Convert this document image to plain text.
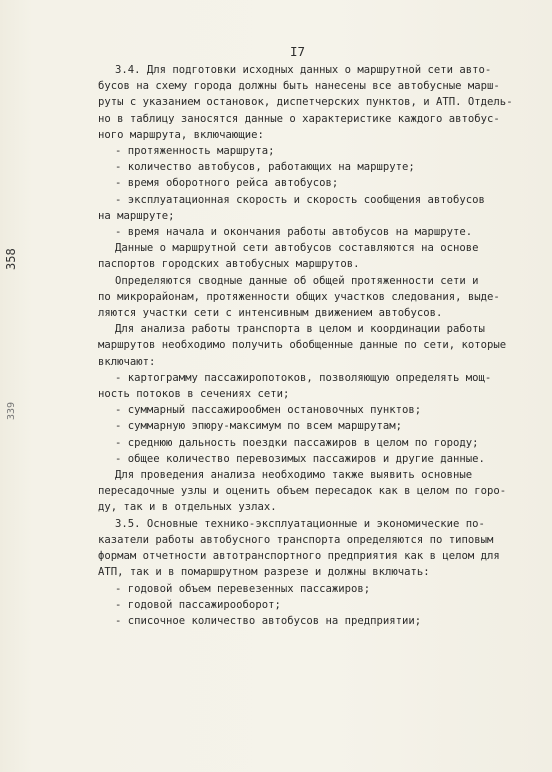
I7
358
339
3.4. Для подготовки исходных данных о маршрутной сети авто-
бусов на схему города должны быть нанесены все автобусные марш-
руты с указанием остановок, диспетчерских пунктов, и АТП. Отдель-
но в таблицу заносятся данные о характеристике каждого автобус-
ного маршрута, включающие:
- протяженность маршрута;
- количество автобусов, работающих на маршруте;
- время оборотного рейса автобусов;
- эксплуатационная скорость и скорость сообщения автобусов
на маршруте;
- время начала и окончания работы автобусов на маршруте.
Данные о маршрутной сети автобусов составляются на основе
паспортов городских автобусных маршрутов.
Определяются сводные данные об общей протяженности сети и
по микрорайонам, протяженности общих участков следования, выде-
ляются участки сети с интенсивным движением автобусов.
Для анализа работы транспорта в целом и координации работы
маршрутов необходимо получить обобщенные данные по сети, которые
включают:
- картограмму пассажиропотоков, позволяющую определять мощ-
ность потоков в сечениях сети;
- суммарный пассажирообмен остановочных пунктов;
- суммарную эпюру-максимум по всем маршрутам;
- среднюю дальность поездки пассажиров в целом по городу;
- общее количество перевозимых пассажиров и другие данные.
Для проведения анализа необходимо также выявить основные
пересадочные узлы и оценить объем пересадок как в целом по горо-
ду, так и в отдельных узлах.
3.5. Основные технико-эксплуатационные и экономические по-
казатели работы автобусного транспорта определяются по типовым
формам отчетности автотранспортного предприятия как в целом для
АТП, так и в помаршрутном разрезе и должны включать:
- годовой объем перевезенных пассажиров;
- годовой пассажирооборот;
- списочное количество автобусов на предприятии;
